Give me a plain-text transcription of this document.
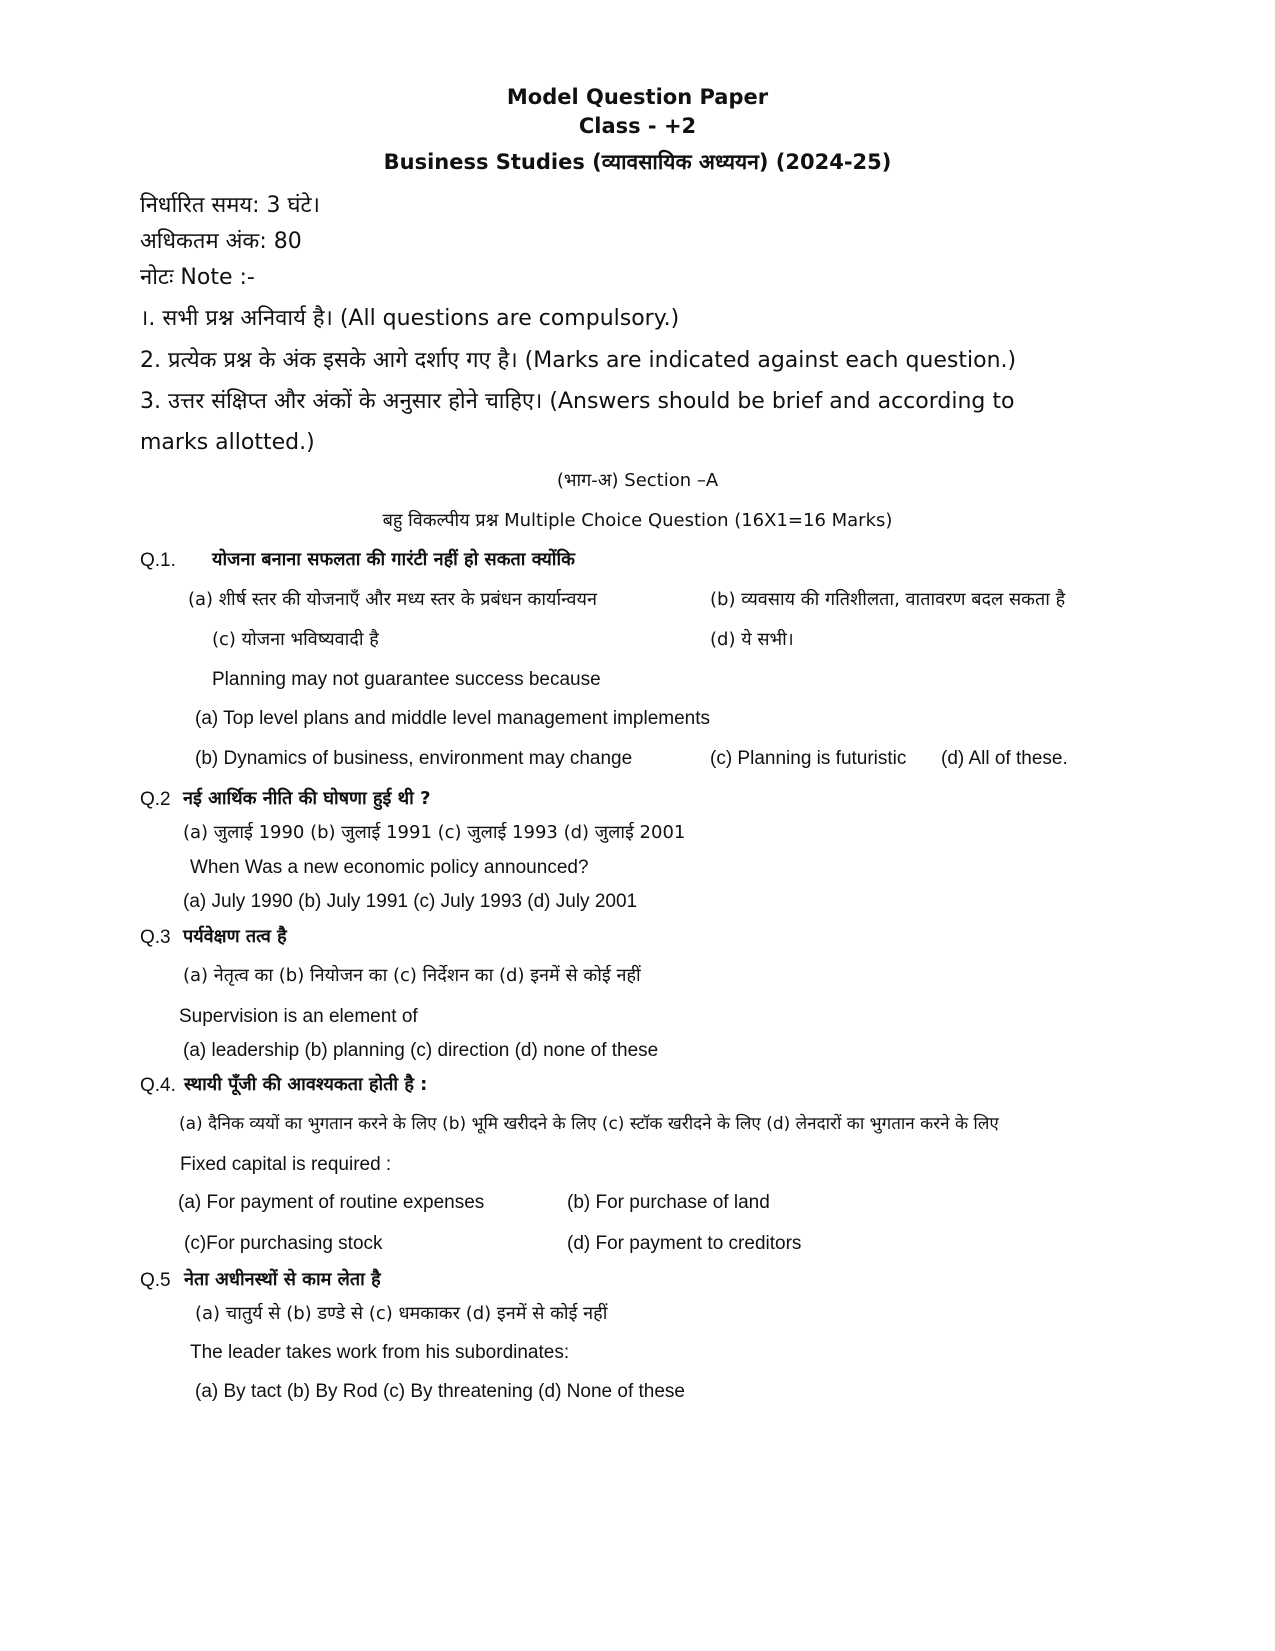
Model Question Paper
Class - +2
Business Studies (व्यावसायिक अध्ययन) (2024-25)
निर्धारित समय: 3 घंटे।
अधिकतम अंक: 80
नोटः Note :-
।. सभी प्रश्न अनिवार्य है। (All questions are compulsory.)
2. प्रत्येक प्रश्न के अंक इसके आगे दर्शाए गए है। (Marks are indicated against each question.)
3. उत्तर संक्षिप्त और अंकों के अनुसार होने चाहिए। (Answers should be brief and according to
marks allotted.)
(भाग-अ) Section –A
बहु विकल्पीय प्रश्न Multiple Choice Question (16X1=16 Marks)
Q.1. योजना बनाना सफलता की गारंटी नहीं हो सकता क्योंकि
(a) शीर्ष स्तर की योजनाएँ और मध्य स्तर के प्रबंधन कार्यान्वयन	(b) व्यवसाय की गतिशीलता, वातावरण बदल सकता है
(c) योजना भविष्यवादी है	(d) ये सभी।
Planning may not guarantee success because
(a) Top level plans and middle level management implements
(b) Dynamics of business, environment may change	(c) Planning is futuristic (d) All of these.
Q.2 नई आर्थिक नीति की घोषणा हुई थी ?
(a) जुलाई 1990 (b) जुलाई 1991 (c) जुलाई 1993 (d) जुलाई 2001
When Was a new economic policy announced?
(a) July 1990 (b) July 1991 (c) July 1993 (d) July 2001
Q.3 पर्यवेक्षण तत्व है
(a) नेतृत्व का (b) नियोजन का (c) निर्देशन का (d) इनमें से कोई नहीं
Supervision is an element of
(a) leadership (b) planning (c) direction (d) none of these
Q.4. स्थायी पूँजी की आवश्यकता होती है :
(a) दैनिक व्ययों का भुगतान करने के लिए (b) भूमि खरीदने के लिए (c) स्टॉक खरीदने के लिए (d) लेनदारों का भुगतान करने के लिए
Fixed capital is required :
(a) For payment of routine expenses	(b) For purchase of land
(c)For purchasing stock	(d) For payment to creditors
Q.5 नेता अधीनस्थों से काम लेता है
(a) चातुर्य से (b) डण्डे से (c) धमकाकर (d) इनमें से कोई नहीं
The leader takes work from his subordinates:
(a) By tact (b) By Rod (c) By threatening (d) None of these
